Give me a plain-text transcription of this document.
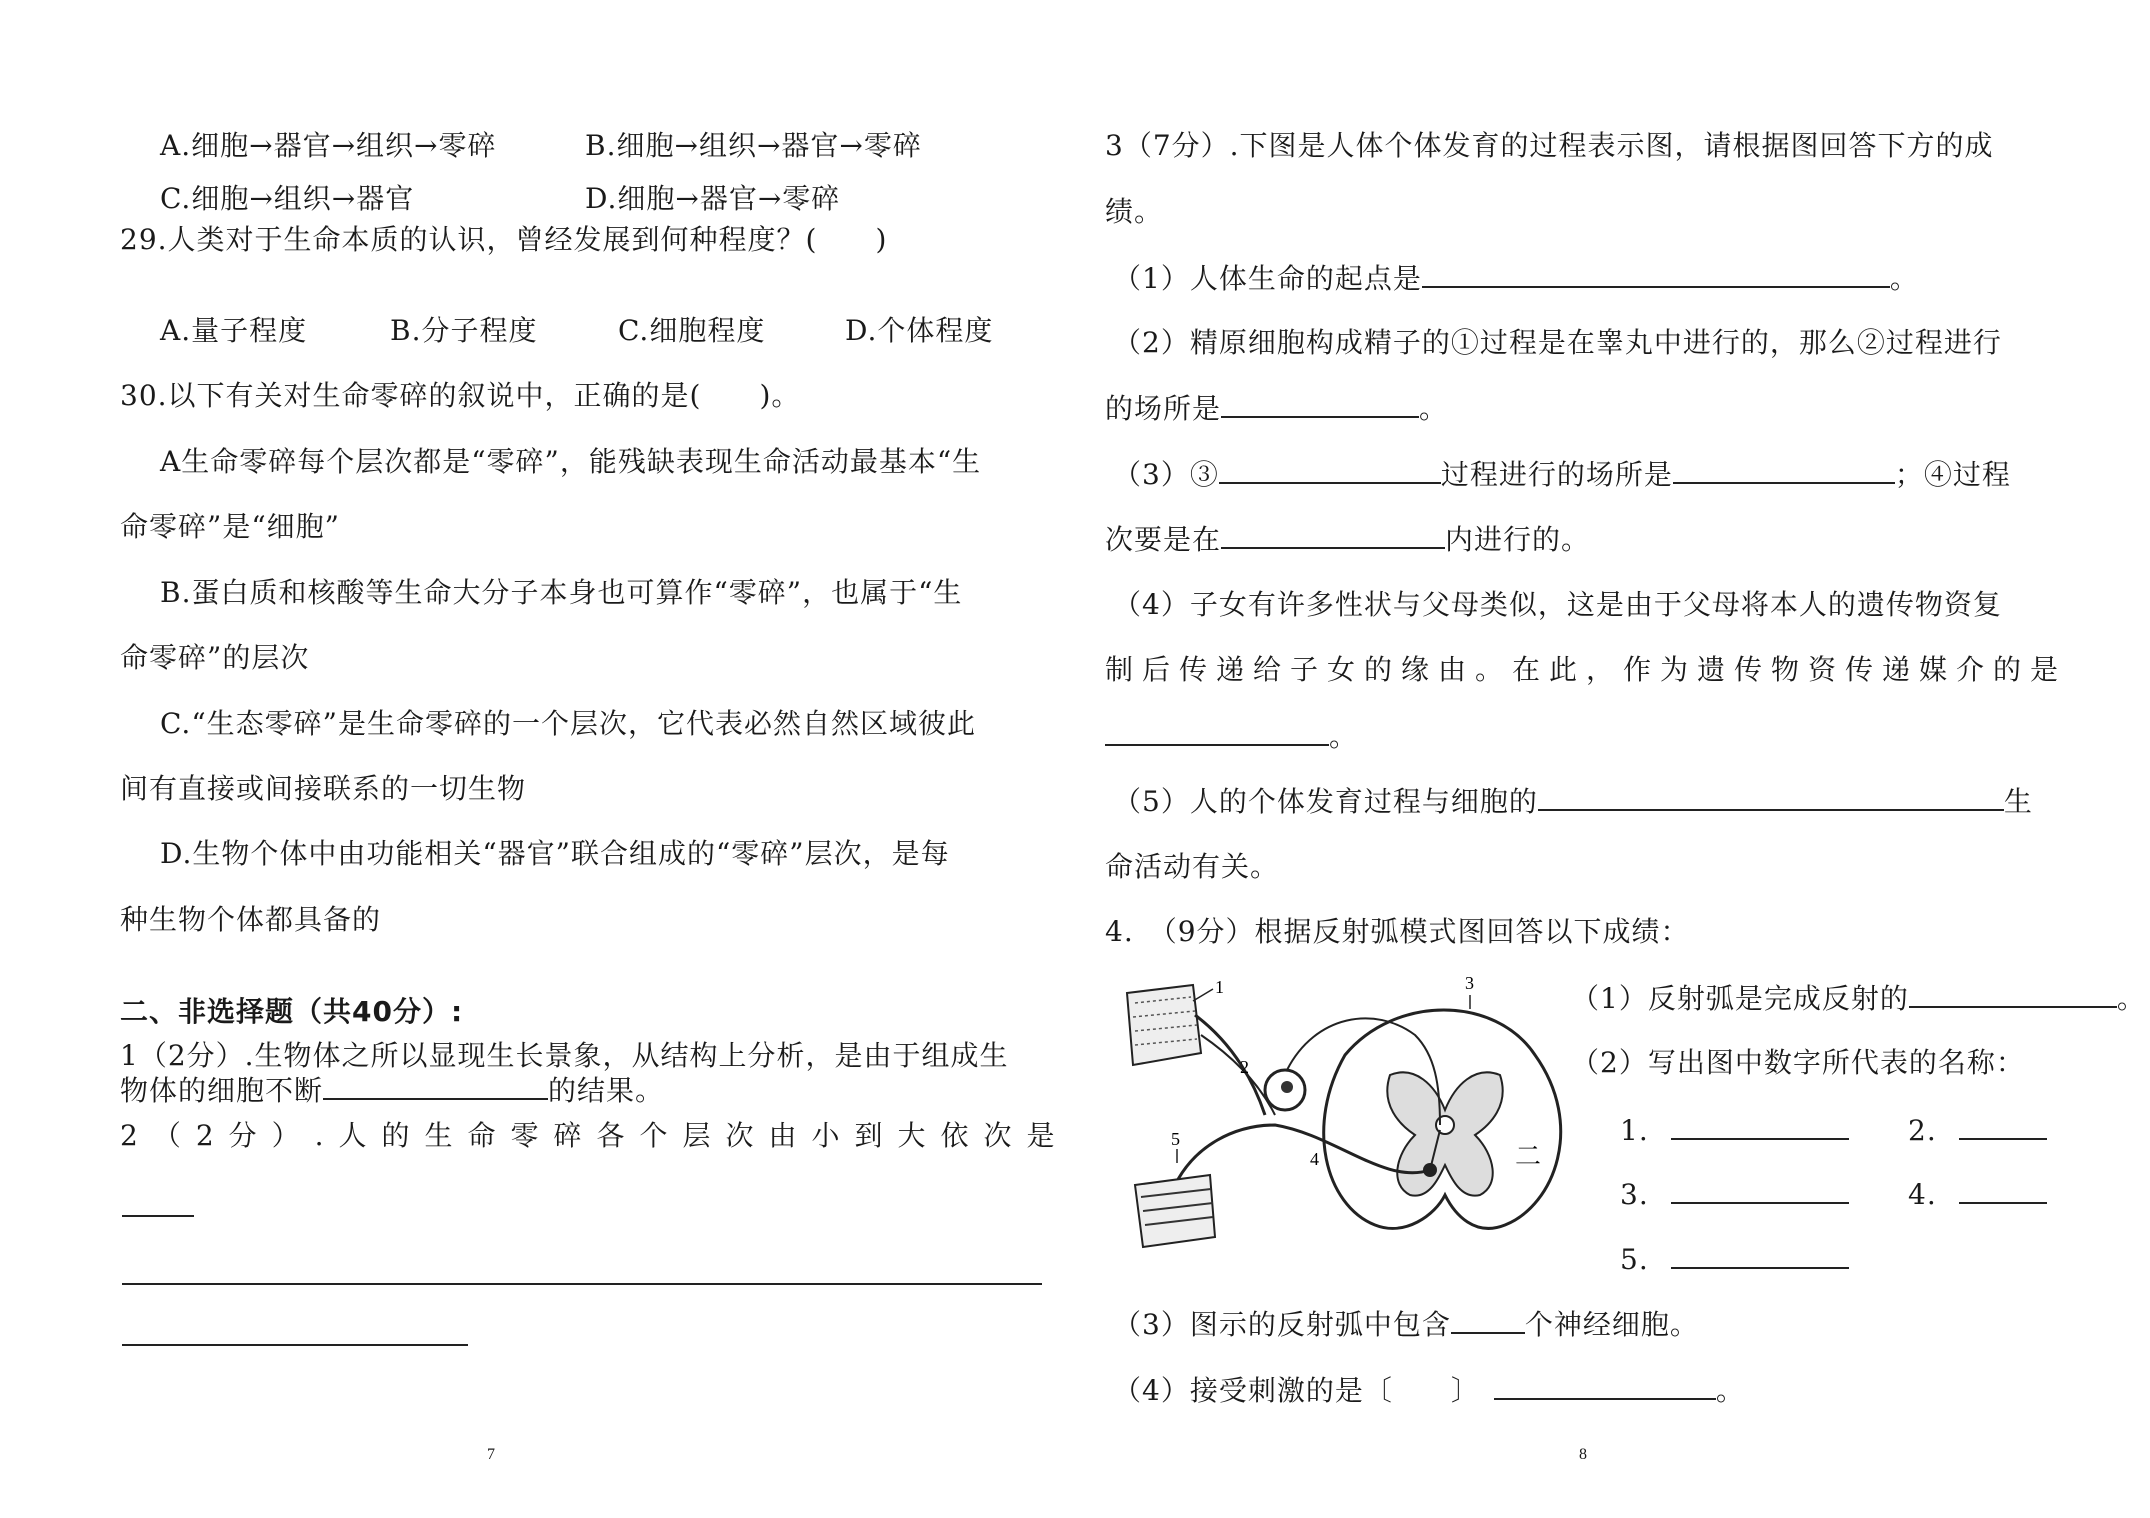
A.细胞→器官→组织→零碎	B.细胞→组织→器官→零碎
C.细胞→组织→器官	D.细胞→器官→零碎
29.人类对于生命本质的认识，曾经发展到何种程度？(　　)
A.量子程度	B.分子程度	C.细胞程度	D.个体程度
30.以下有关对生命零碎的叙说中，正确的是(　　)。
A生命零碎每个层次都是“零碎”，能残缺表现生命活动最基本“生
命零碎”是“细胞”
B.蛋白质和核酸等生命大分子本身也可算作“零碎”，也属于“生
命零碎”的层次
C.“生态零碎”是生命零碎的一个层次，它代表必然自然区域彼此
间有直接或间接联系的一切生物
D.生物个体中由功能相关“器官”联合组成的“零碎”层次，是每
种生物个体都具备的
二、非选择题（共40分）:
1（2分）.生物体之所以显现生长景象，从结构上分析，是由于组成生
物体的细胞不断	的结果。
2（2分）.人的生命零碎各个层次由小到大依次是
7
3（7分）.下图是人体个体发育的过程表示图，请根据图回答下方的成
绩。
（1）人体生命的起点是	。
（2）精原细胞构成精子的①过程是在睾丸中进行的，那么②过程进行
的场所是	。
（3）③	过程进行的场所是	；④过程
次要是在	内进行的。
（4）子女有许多性状与父母类似，这是由于父母将本人的遗传物资复
制后传递给子女的缘由。在此，作为遗传物资传递媒介的是
。
（5）人的个体发育过程与细胞的	生
命活动有关。
4.　（9分）根据反射弧模式图回答以下成绩：
1
2
3
4
5
二
（1）反射弧是完成反射的	。
（2）写出图中数字所代表的名称：
1.	2.
3.	4.
5.
（3）图示的反射弧中包含	个神经细胞。
（4）接受刺激的是〔　　〕	。
8
